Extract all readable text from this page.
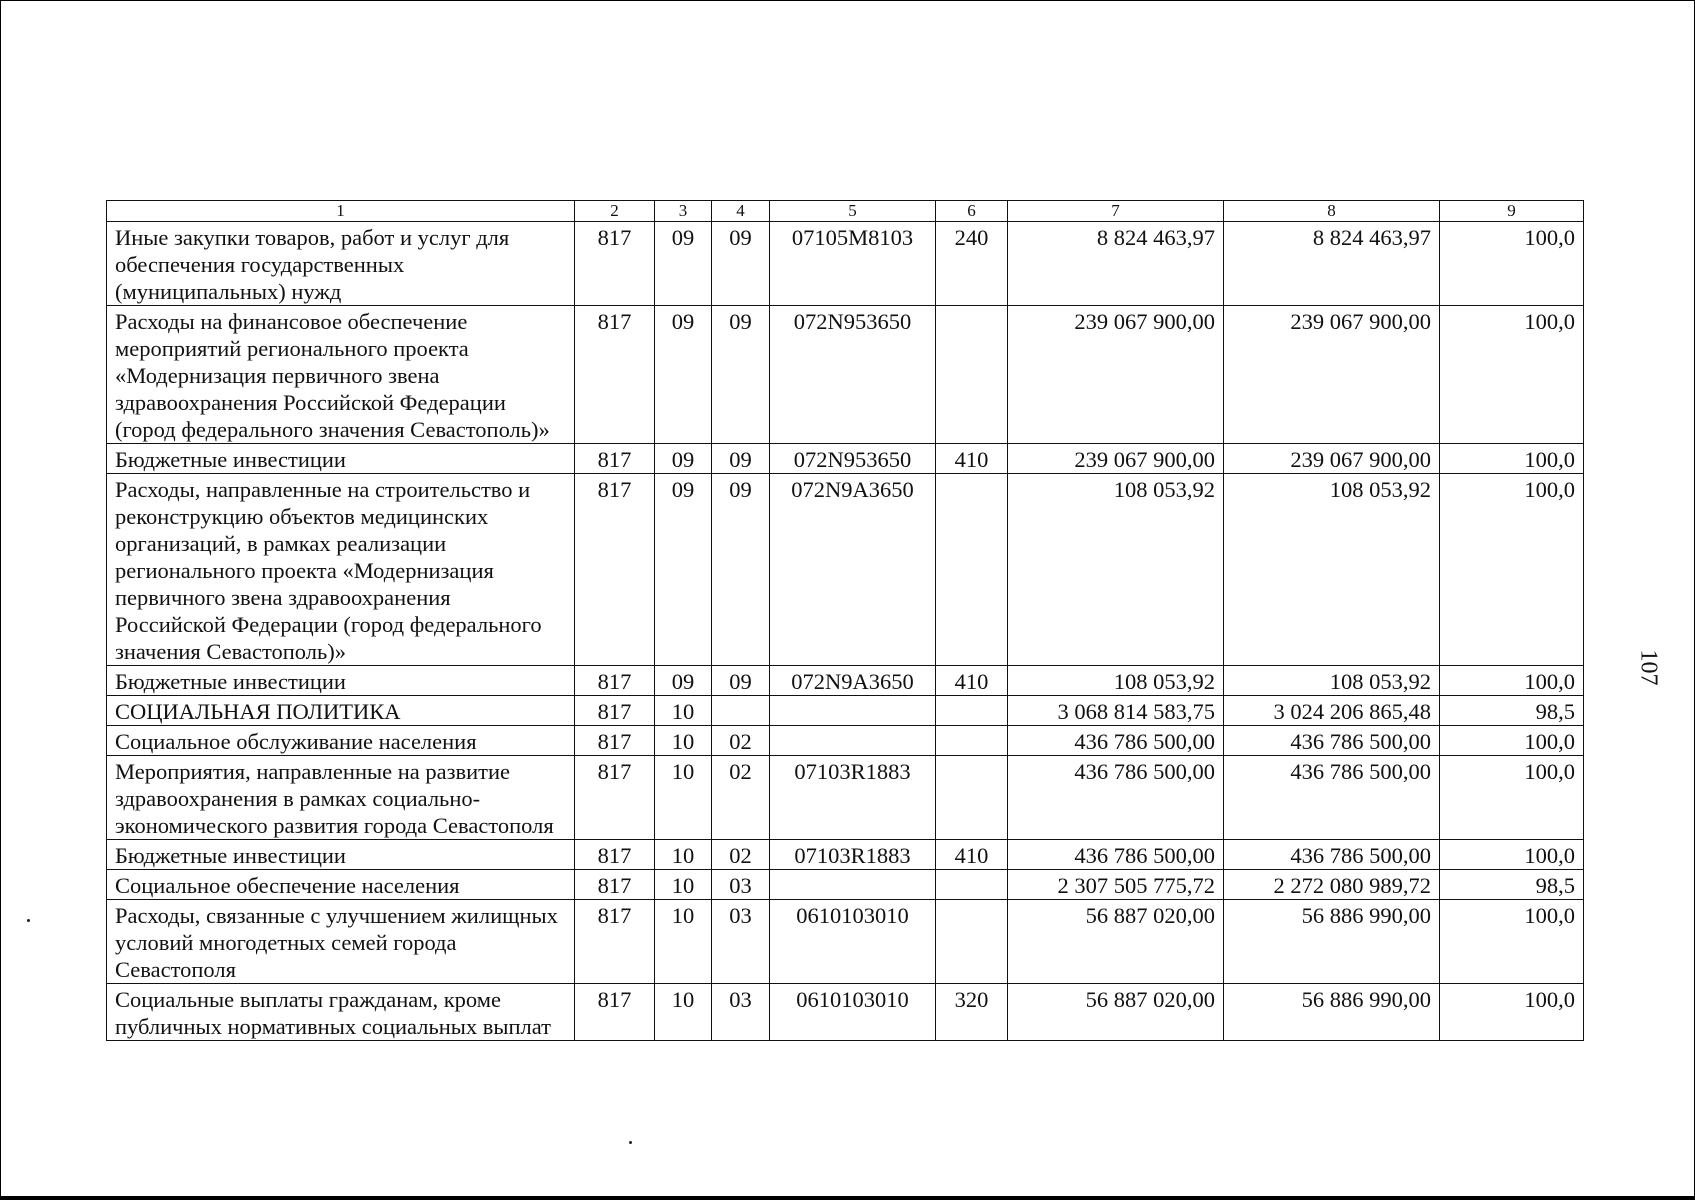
1	2	3	4	5	6	7	8	9
Иные закупки товаров, работ и услуг для обеспечения государственных (муниципальных) нужд	817	09	09	07105M8103	240	8 824 463,97	8 824 463,97	100,0
Расходы на финансовое обеспечение мероприятий регионального проекта «Модернизация первичного звена здравоохранения Российской Федерации (город федерального значения Севастополь)»	817	09	09	072N953650		239 067 900,00	239 067 900,00	100,0
Бюджетные инвестиции	817	09	09	072N953650	410	239 067 900,00	239 067 900,00	100,0
Расходы, направленные на строительство и реконструкцию объектов медицинских организаций, в рамках реализации регионального проекта «Модернизация первичного звена здравоохранения Российской Федерации (город федерального значения Севастополь)»	817	09	09	072N9A3650		108 053,92	108 053,92	100,0
Бюджетные инвестиции	817	09	09	072N9A3650	410	108 053,92	108 053,92	100,0
СОЦИАЛЬНАЯ ПОЛИТИКА	817	10				3 068 814 583,75	3 024 206 865,48	98,5
Социальное обслуживание населения	817	10	02			436 786 500,00	436 786 500,00	100,0
Мероприятия, направленные на развитие здравоохранения в рамках социально-экономического развития города Севастополя	817	10	02	07103R1883		436 786 500,00	436 786 500,00	100,0
Бюджетные инвестиции	817	10	02	07103R1883	410	436 786 500,00	436 786 500,00	100,0
Социальное обеспечение населения	817	10	03			2 307 505 775,72	2 272 080 989,72	98,5
Расходы, связанные с улучшением жилищных условий многодетных семей города Севастополя	817	10	03	0610103010		56 887 020,00	56 886 990,00	100,0
Социальные выплаты гражданам, кроме публичных нормативных социальных выплат	817	10	03	0610103010	320	56 887 020,00	56 886 990,00	100,0
107
